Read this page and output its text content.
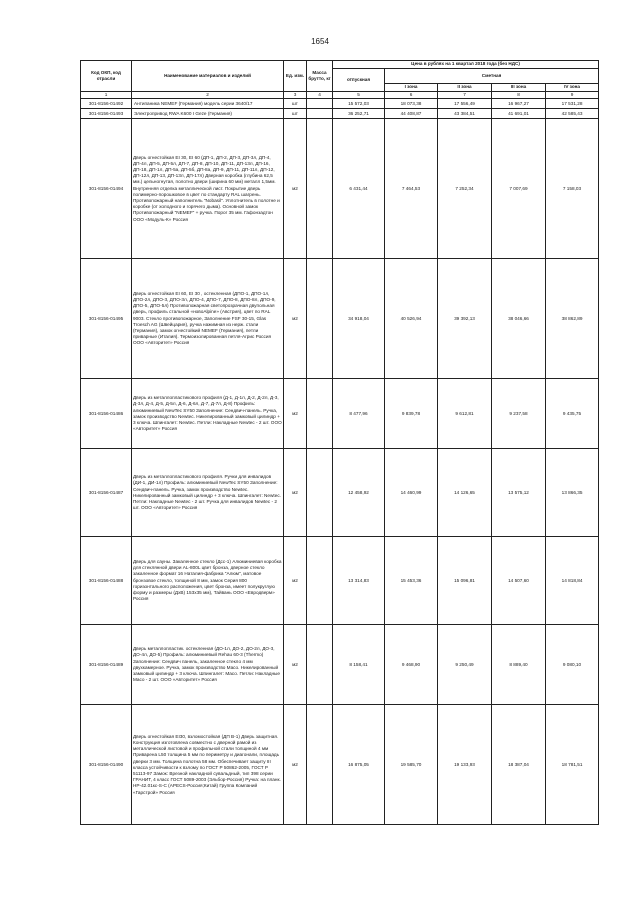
1654
Код ОКП, код отрасли	Наименование материалов и изделий	Ед. изм.	Масса брутто, кг	Цена в рублях на 1 квартал 2018 года (без НДС)				
				отпускная	Сметная			
					I зона	II зона	III зона	IV зона
1	2	3	4	5	6	7	8	9
301-8156-01492	Антипаника NEMEF (Германия) модель серии 3640/17	шт		15 572,03	18 073,38	17 556,49	16 967,27	17 531,28
301-8156-01493	Электропривод RWA K600 I Geze (Германия)	шт		36 252,71	44 408,87	43 384,51	41 691,01	42 585,43
301-8156-01494	Дверь огнестойкая EI 30, EI 60 (ДП-1, ДП-2, ДП-3, ДП-3л, ДП-4, ДП-4л, ДП-5, ДП-5л, ДП-7, ДП-8, ДП-10, ДП-11, ДП-13л, ДП-16, ДП-18, ДП-1л, ДП-5а, ДП-5б, ДП-8а, ДП-9, ДП-11, ДП-11л, ДП-12, ДП-12л, ДП-13, ДП-13л, ДП-17л) Дверная коробка (глубина 62,5 мм.) цельногнутая, полотно двери (ширина 60 мм) металл 1,5мм. Внутренняя отделка металлической лист. Покрытие дверь полимерно-порошковое в цвет по стандарту RAL шагрень. Противопожарный наполнитель "Nobasil". Уплотнитель в полотне и коробке (от холодного и горячего дыма). Основной замок Противопожарный "NEMEF" + ручка. Порог 35 мм. Гафонзадтон ООО «Модуль-К» Россия	м2		6 431,44	7 464,53	7 252,34	7 007,69	7 158,03
301-8156-01495	Дверь огнестойкая EI 60, EI 30 , остекленная (ДПО-1, ДПО-1л, ДПО-2л, ДПО-3, ДПО-3л, ДПО-4, ДПО-7, ДПО-8, ДПО-8л, ДПО-9, ДПО-5, ДПО-5л) Противопожарная светопрозрачная двупольная дверь, профиль стальной «новоAlpine» (Австрия), цвет по RAL 9003. Стекло противопожарное, Заполнение FSF 30-15, Glas Troesch AG (Швейцария), ручка нажимная из нерж. стали (Германия), замок огнестойкий NEMEF (Германия), петли приварные (Италия). Термоизолированная петля-Агрис Россия ООО «Авторитет» Россия	м2		34 918,04	40 526,94	39 392,13	38 046,66	38 862,89
301-8156-01486	Дверь из металлопластикового профиля (Д-1, Д-1л, Д-2, Д-2л, Д-3, Д-3л, Д-4, Д-5, Д-5л, Д-6, Д-6л, Д-7, Д-7л, Д-8) Профиль: алюминиевый NewTec SY50 Заполнение: Сендвич-панель. Ручка, замок производство Newtec. Никелированный замковый цилиндр + 3 ключа. Шпингалет: Newtec. Петли: Накладные Newtec - 2 шт. ООО «Авторитет» Россия	м2		8 477,96	9 839,78	9 612,81	9 237,58	9 435,75
301-8156-01487	Дверь из металлопластикового профиля. Ручки для инвалидов (ДИ-1, ДИ-1л) Профиль: алюминиевый NewTec SY50 Заполнение: Сендвич-панель. Ручка, замок производство Newtec. Никелированный замковый цилиндр + 3 ключа. Шпингалет: Newtec. Петли: Накладные Newtec - 2 шт. Ручка для инвалидов Newtec - 2 шт. ООО «Авторитет» Россия	м2		12 458,92	14 460,99	14 126,65	13 575,12	13 866,35
301-8156-01488	Дверь для сауны. Закаленное стекло (Дсс-1) Алюминиевая коробка для стеклянной двери AL-800L цвет бронза, дверное стекло закаленное формат 16 Наталия-фабрика "Алюм", матовое бронзовое стекло, толщиной 8 мм, замок Серия 800 горизонтального расположения, цвет бронза, имеет полукруглую форму и размеры (ДхВ) 153х35 мм), Тайвань ООО «Евродверм» Россия	м2		13 314,83	15 453,36	15 096,81	14 507,60	14 818,84
301-8156-01489	Дверь металлопластик. остекленная (ДО-1л, ДО-2, ДО-2л, ДО-3, ДО-4л, ДО-5) Профиль: алюминиевый Rehau 60-3 (Thermo) Заполнение: Сендвич панель, закаленное стекло 4 мм двухкамерное. Ручка, замок производство Maco. Никелированный замковый цилиндр + 3 ключа. Шпингалет: Maco. Петли: Накладные Maco - 2 шт. ООО «Авторитет» Россия	м2		8 158,41	9 468,90	9 250,49	8 889,40	9 080,10
301-8156-01490	Дверь огнестойкая EI30, взломостойкая (ДП В-1) Дверь защитная. Конструкция изготовлена совместно с дверной рамой из металлической листовой и профильной стали толщиной 4 мм Приварена L50 толщина 5 мм по периметру и диагонали, площадь дверки 3 мм. Толщина полотна 58 мм. Обеспечивает защиту III класса устойчивости к взлому по ГОСТ Р 50862-2005, ГОСТ Р 51113-97 Замок: Врезной накладной сувальдный, тип 398 серии ГРАНИТ, 4 класс ГОСТ 5089-2003 (Эльбор-Россия) Ручка: на планк. HP-42.01кс-S-C (APECS-Россия;Китай) Группа Компаний «Гарстрой» Россия	м2		16 875,05	19 585,70	19 133,93	18 387,04	18 781,51
